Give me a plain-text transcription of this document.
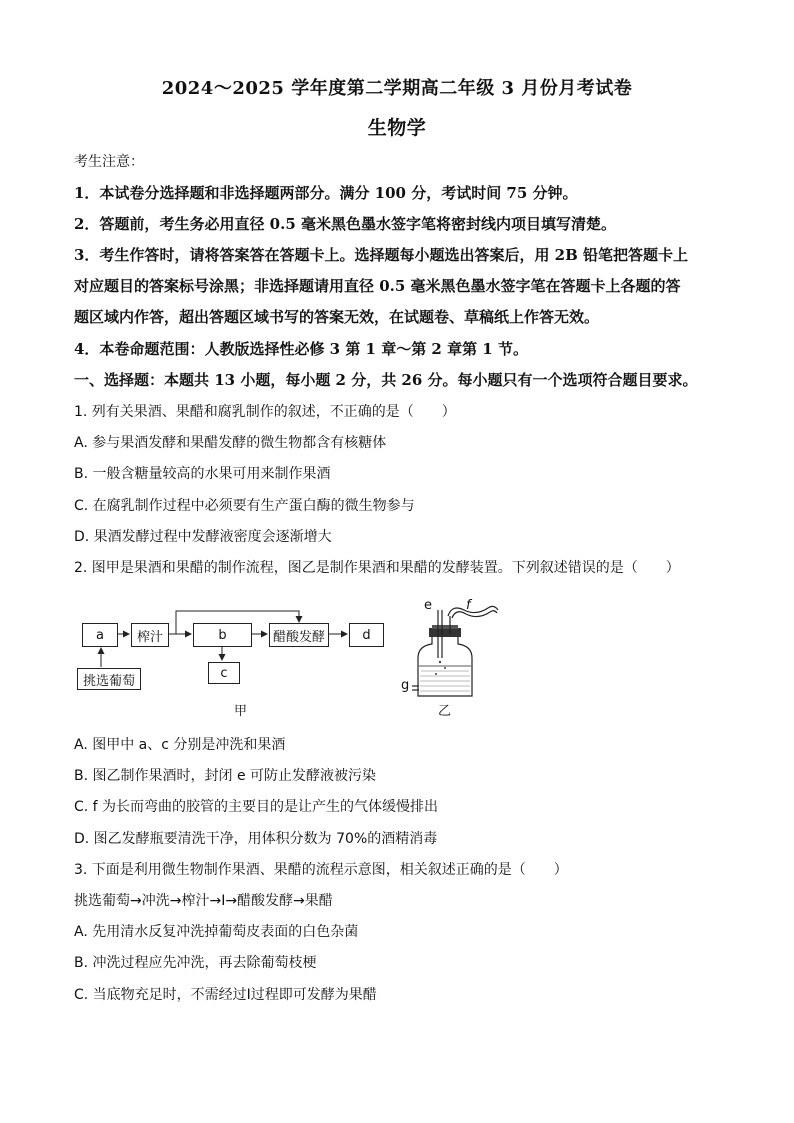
2024～2025 学年度第二学期高二年级 3 月份月考试卷
生物学
考生注意：
1．本试卷分选择题和非选择题两部分。满分 100 分，考试时间 75 分钟。
2．答题前，考生务必用直径 0.5 毫米黑色墨水签字笔将密封线内项目填写清楚。
3．考生作答时，请将答案答在答题卡上。选择题每小题选出答案后，用 2B 铅笔把答题卡上
对应题目的答案标号涂黑；非选择题请用直径 0.5 毫米黑色墨水签字笔在答题卡上各题的答
题区域内作答，超出答题区域书写的答案无效，在试题卷、草稿纸上作答无效。
4．本卷命题范围：人教版选择性必修 3 第 1 章～第 2 章第 1 节。
一、选择题：本题共 13 小题，每小题 2 分，共 26 分。每小题只有一个选项符合题目要求。
1. 列有关果酒、果醋和腐乳制作的叙述，不正确的是（　　）
A. 参与果酒发酵和果醋发酵的微生物都含有核糖体
B. 一般含糖量较高的水果可用来制作果酒
C. 在腐乳制作过程中必须要有生产蛋白酶的微生物参与
D. 果酒发酵过程中发酵液密度会逐渐增大
2. 图甲是果酒和果醋的制作流程，图乙是制作果酒和果醋的发酵装置。下列叙述错误的是（　　）
a	榨汁	b	醋酸发酵	d
c
挑选葡萄
甲
e	f
g
乙
A. 图甲中 a、c 分别是冲洗和果酒
B. 图乙制作果酒时，封闭 e 可防止发酵液被污染
C. f 为长而弯曲的胶管的主要目的是让产生的气体缓慢排出
D. 图乙发酵瓶要清洗干净，用体积分数为 70%的酒精消毒
3. 下面是利用微生物制作果酒、果醋的流程示意图，相关叙述正确的是（　　）
挑选葡萄→冲洗→榨汁→Ⅰ→醋酸发酵→果醋
A. 先用清水反复冲洗掉葡萄皮表面的白色杂菌
B. 冲洗过程应先冲洗，再去除葡萄枝梗
C. 当底物充足时，不需经过Ⅰ过程即可发酵为果醋
